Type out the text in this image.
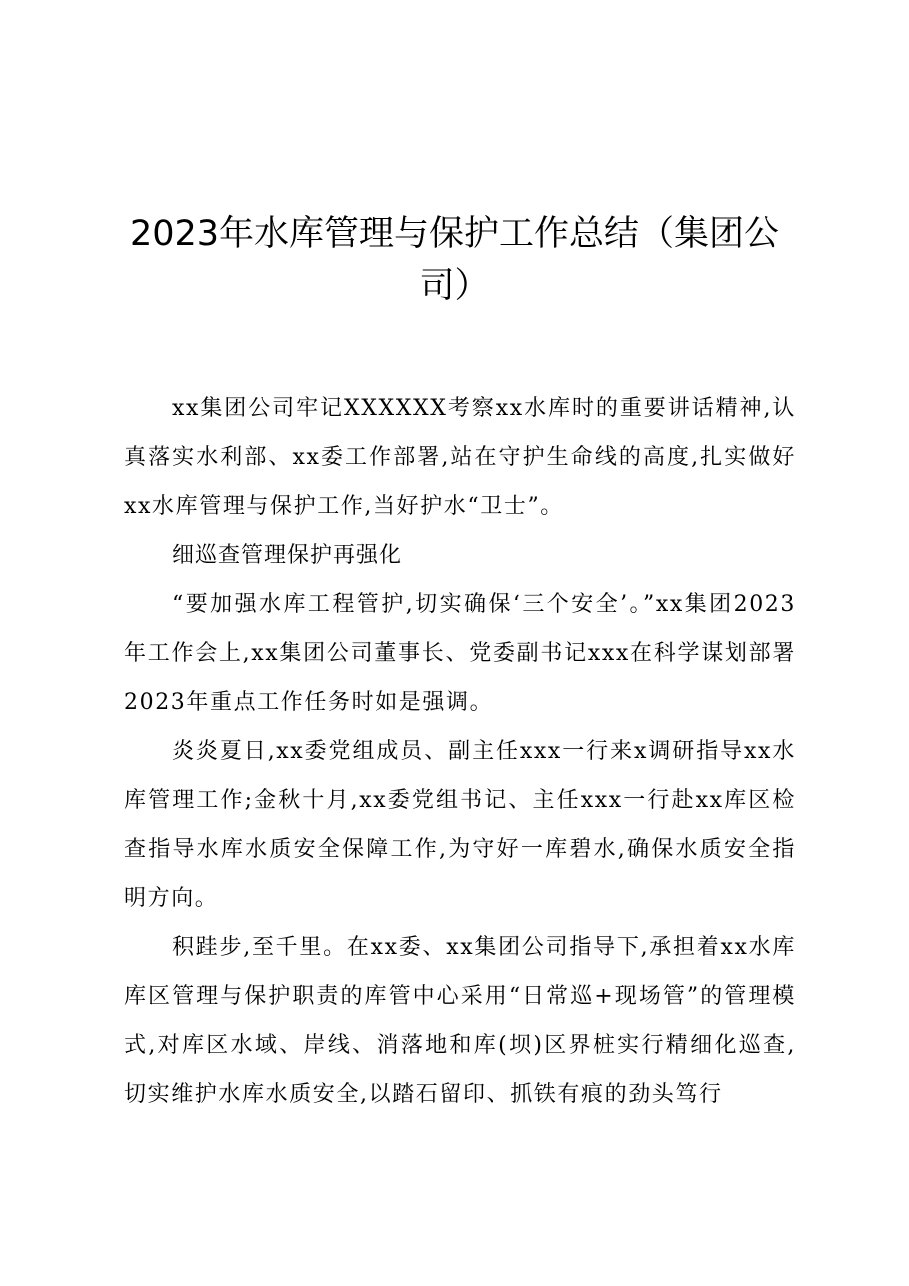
2023年水库管理与保护工作总结（集团公司）

xx集团公司牢记XXXXXX考察xx水库时的重要讲话精神,认真落实水利部、xx委工作部署,站在守护生命线的高度,扎实做好xx水库管理与保护工作,当好护水“卫士”。

细巡查管理保护再强化

“要加强水库工程管护,切实确保‘三个安全’。”xx集团2023年工作会上,xx集团公司董事长、党委副书记xxx在科学谋划部署2023年重点工作任务时如是强调。

炎炎夏日,xx委党组成员、副主任xxx一行来x调研指导xx水库管理工作;金秋十月,xx委党组书记、主任xxx一行赴xx库区检查指导水库水质安全保障工作,为守好一库碧水,确保水质安全指明方向。

积跬步,至千里。在xx委、xx集团公司指导下,承担着xx水库库区管理与保护职责的库管中心采用“日常巡+现场管”的管理模式,对库区水域、岸线、消落地和库(坝)区界桩实行精细化巡查,切实维护水库水质安全,以踏石留印、抓铁有痕的劲头笃行
